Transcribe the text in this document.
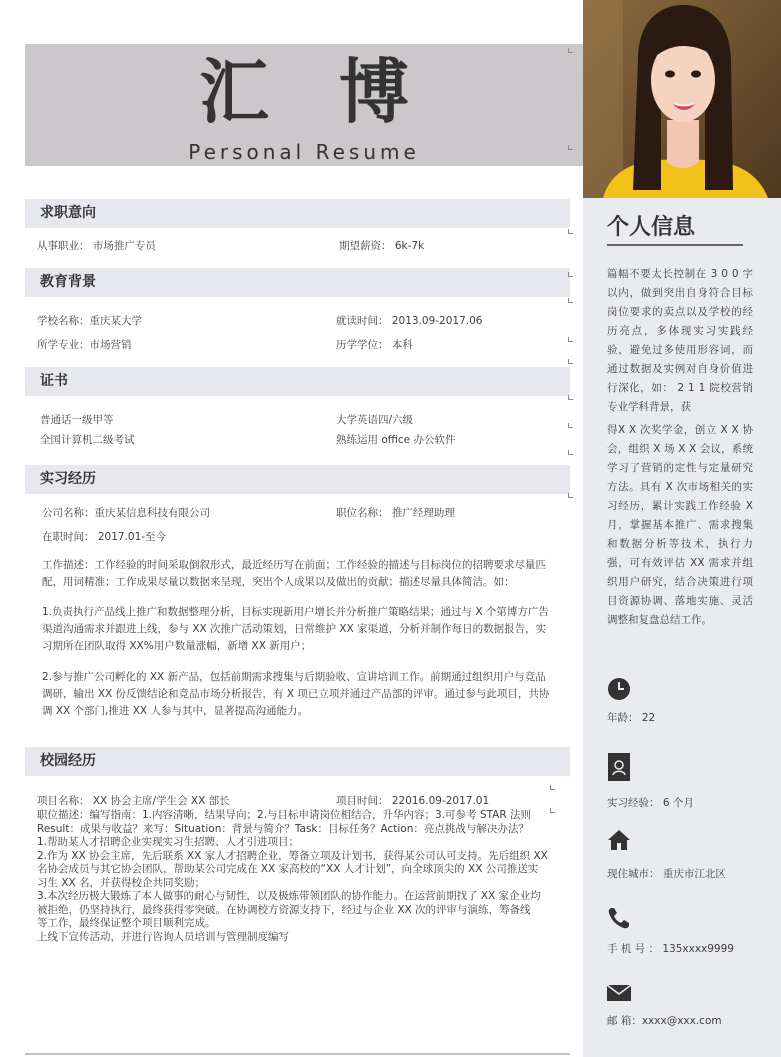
汇博
Personal Resume
求职意向
从事职业： 市场推广专员	期望薪资： 6k-7k
教育背景
学校名称：重庆某大学	就读时间： 2013.09-2017.06
所学专业：市场营销	历学学位： 本科
证书
普通话一级甲等	大学英语四/六级
全国计算机二级考试	熟练运用 office 办公软件
实习经历
公司名称：重庆某信息科技有限公司	职位名称： 推广经理助理
在职时间： 2017.01-至今
工作描述：工作经验的时间采取倒叙形式，最近经历写在前面；工作经验的描述与目标岗位的招聘要求尽量匹配，用词精准；工作成果尽量以数据来呈现，突出个人成果以及做出的贡献；描述尽量具体简洁。如：
1.负责执行产品线上推广和数据整理分析，目标实现新用户增长并分析推广策略结果；通过与 X 个第博方广告渠道沟通需求并跟进上线，参与 XX 次推广活动策划，日常维护 XX 家渠道，分析并制作每日的数据报告，实习期所在团队取得 XX%用户数量涨幅，新增 XX 新用户；
2.参与推广公司孵化的 XX 新产品，包括前期需求搜集与后期验收、宣讲培训工作。前期通过组织用户与竞品调研，输出 XX 份反馈结论和竞品市场分析报告，有 X 项已立项并通过产品部的评审。通过参与此项目，共协调 XX 个部门,推进 XX 人参与其中，显著提高沟通能力。
校园经历
项目名称： XX 协会主席/学生会 XX 部长	项目时间： 22016.09-2017.01
职位描述：编写指南：1.内容清晰，结果导向；2.与目标申请岗位相结合，升华内容；3.可参考 STAR 法则
Result：成果与收益？来写：Situation：背景与简介？Task：目标任务？Action：亮点挑战与解决办法？
1.帮助某人才招聘企业实现实习生招聘、人才引进项目；
2.作为 XX 协会主席，先后联系 XX 家人才招聘企业，筹备立项及计划书，获得某公司认可支持。先后组织 XX
名协会成员与其它协会团队，帮助某公司完成在 XX 家高校的“XX 人才计划”，向全球顶尖的 XX 公司推送实
习生 XX 名，并获得校企共同奖励；
3.本次经历极大锻炼了本人做事的耐心与韧性，以及极炼带领团队的协作能力。在运营前期找了 XX 家企业均
被拒绝，仍坚持执行，最终获得零突破。在协调校方资源支持下，经过与企业 XX 次的评审与演练，筹备线
等工作，最终保证整个项目顺利完成。
上线下宣传活动，并进行咨询人员培训与管理制度编写
个人信息
篇幅不要太长控制在 3 0 0 字以内，做到突出自身符合目标岗位要求的卖点以及学校的经历亮点，多体现实习实践经验，避免过多使用形容词，而通过数据及实例对自身价值进行深化，如： 2 1 1 院校营销专业学科背景，获
得X X 次奖学金，创立 X X 协会，组织 X 场 X X 会议，系统学习了营销的定性与定量研究方法。具有 X 次市场相关的实习经历，累计实践工作经验 X 月，掌握基本推广、需求搜集和数据分析等技术，执行力强，可有效评估 XX 需求并组织用户研究，结合决策进行项目资源协调、落地实施、灵活调整和复盘总结工作。
年龄： 22
实习经验： 6 个月
现住城市： 重庆市江北区
手 机 号 ： 135xxxx9999
邮 箱：xxxx@xxx.com
